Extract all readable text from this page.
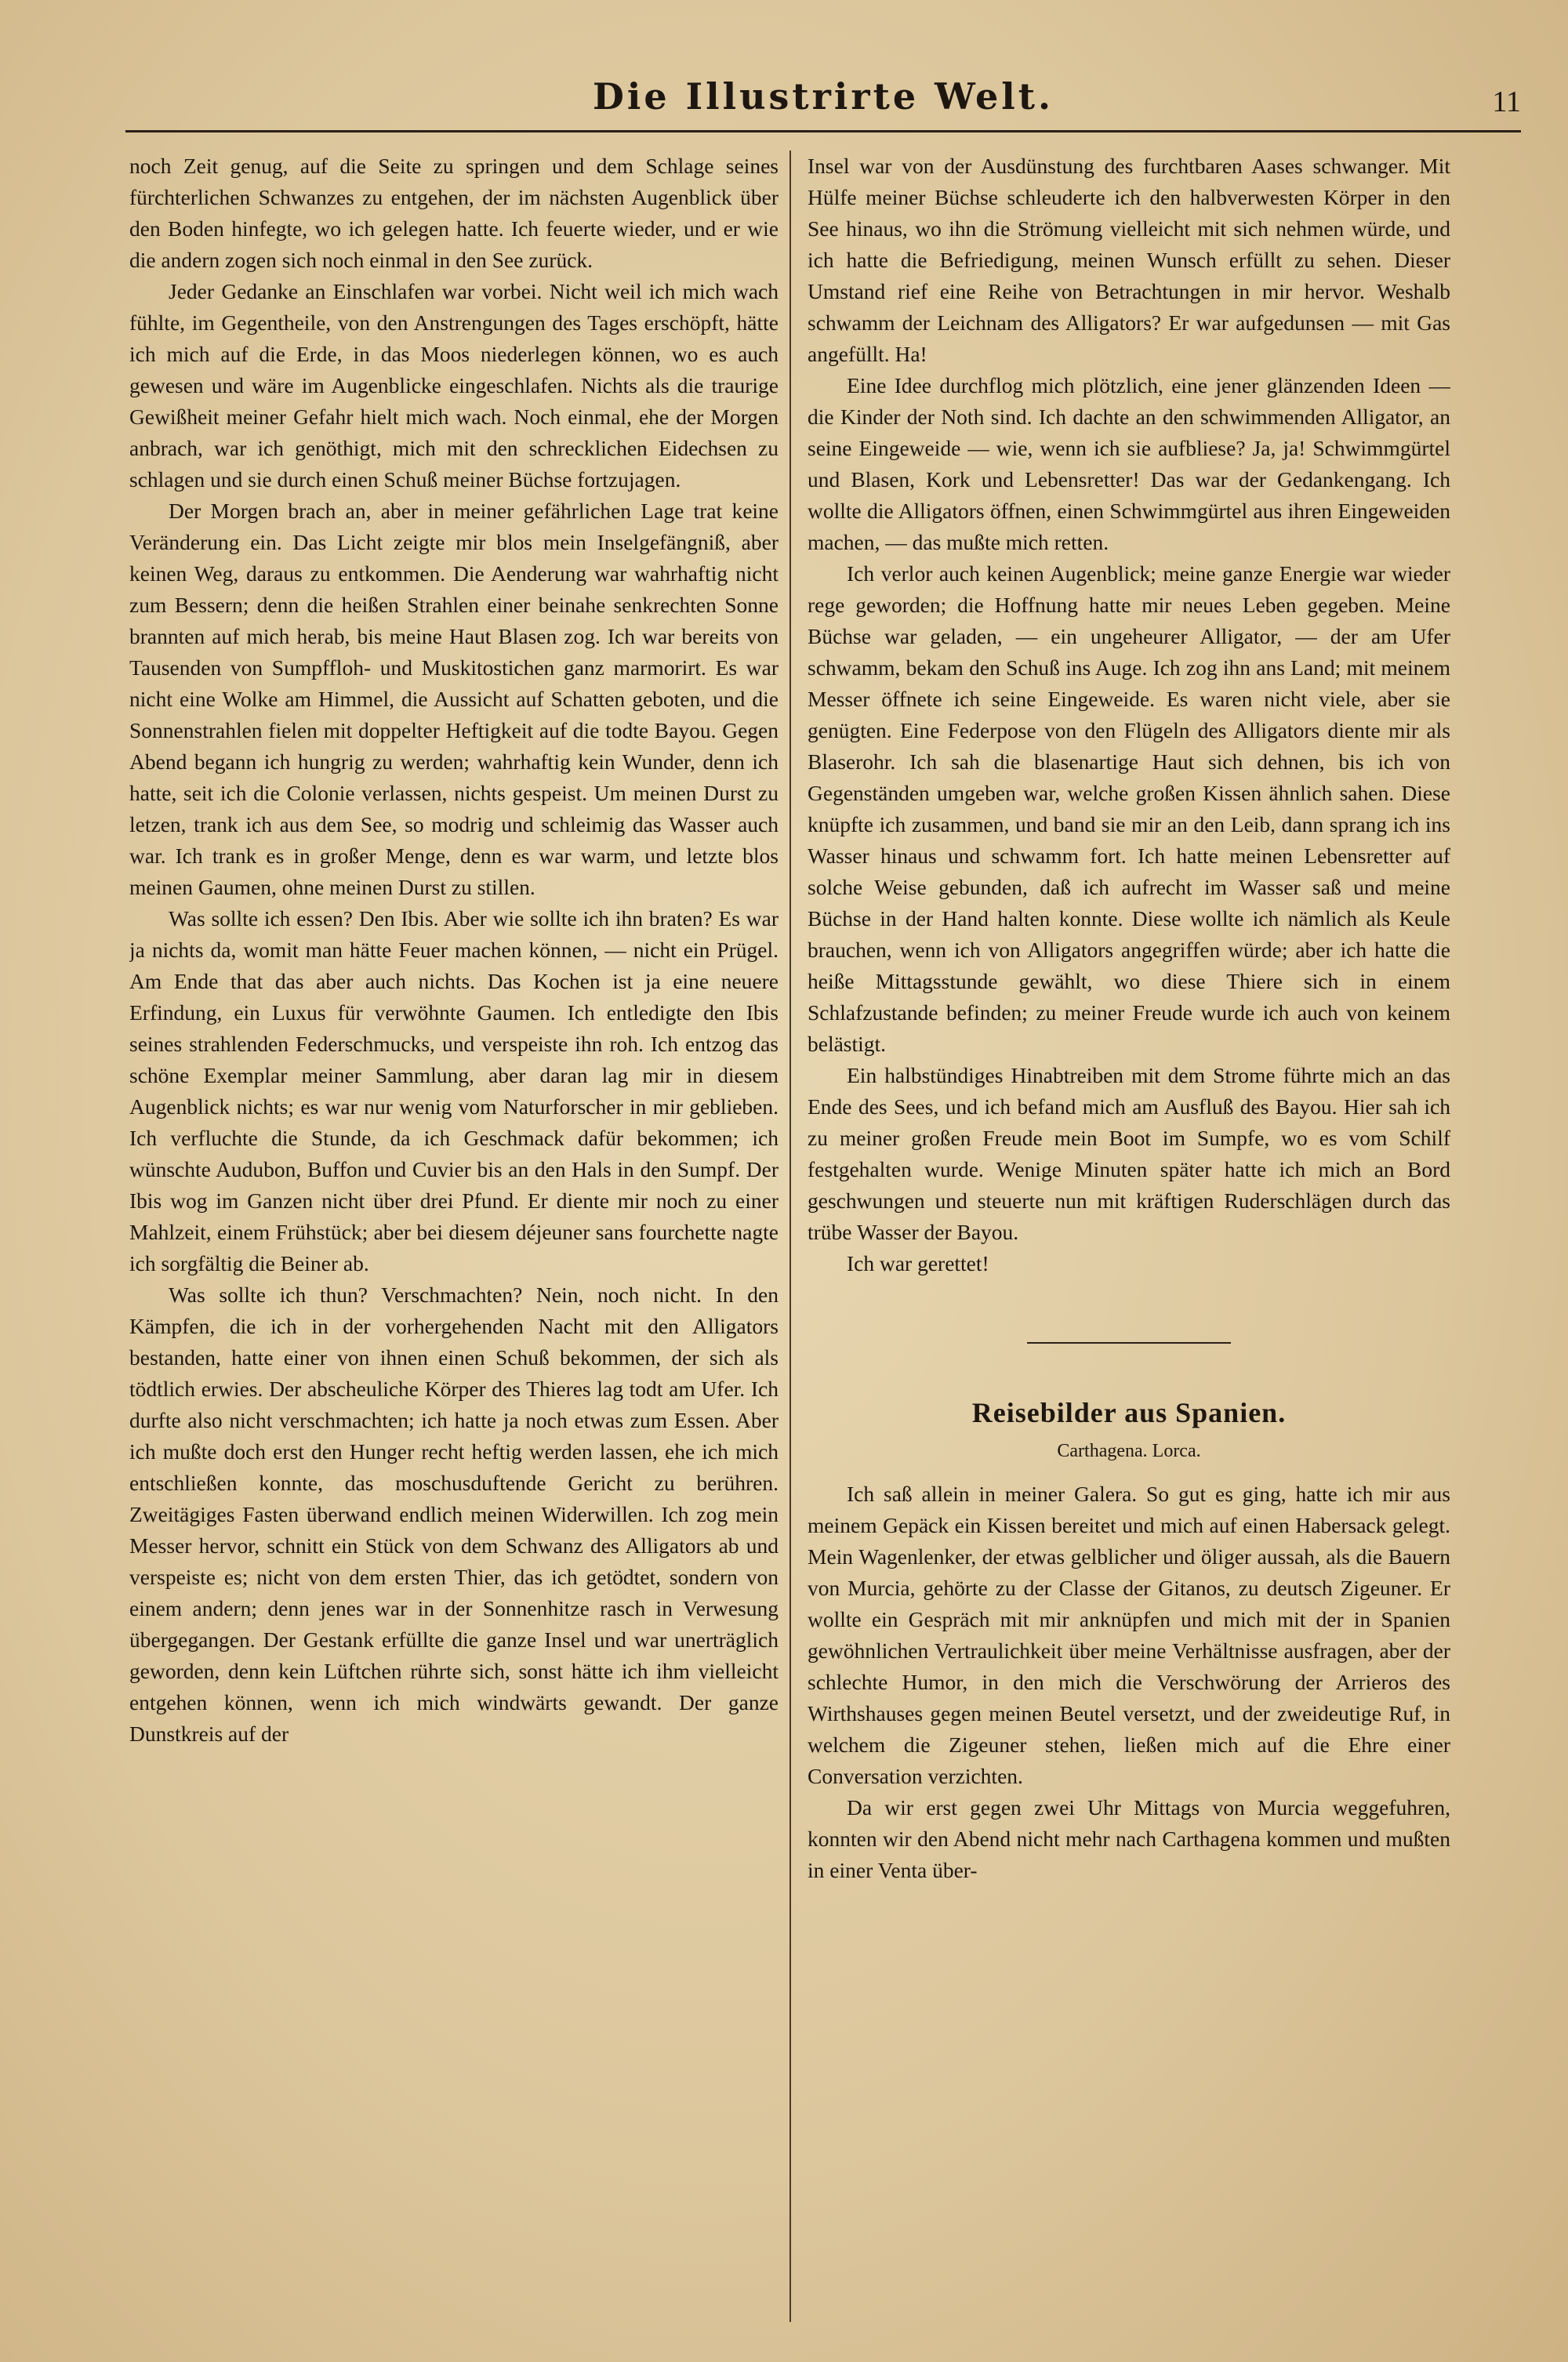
Die Illustrirte Welt.	11

noch Zeit genug, auf die Seite zu springen und dem Schlage seines fürchterlichen Schwanzes zu entgehen, der im nächsten Augenblick über den Boden hinfegte, wo ich gelegen hatte. Ich feuerte wieder, und er wie die andern zogen sich noch einmal in den See zurück.

Jeder Gedanke an Einschlafen war vorbei. Nicht weil ich mich wach fühlte, im Gegentheile, von den Anstrengungen des Tages erschöpft, hätte ich mich auf die Erde, in das Moos niederlegen können, wo es auch gewesen und wäre im Augenblicke eingeschlafen. Nichts als die traurige Gewißheit meiner Gefahr hielt mich wach. Noch einmal, ehe der Morgen anbrach, war ich genöthigt, mich mit den schrecklichen Eidechsen zu schlagen und sie durch einen Schuß meiner Büchse fortzujagen.

Der Morgen brach an, aber in meiner gefährlichen Lage trat keine Veränderung ein. Das Licht zeigte mir blos mein Inselgefängniß, aber keinen Weg, daraus zu entkommen. Die Aenderung war wahrhaftig nicht zum Bessern; denn die heißen Strahlen einer beinahe senkrechten Sonne brannten auf mich herab, bis meine Haut Blasen zog. Ich war bereits von Tausenden von Sumpffloh- und Muskitostichen ganz marmorirt. Es war nicht eine Wolke am Himmel, die Aussicht auf Schatten geboten, und die Sonnenstrahlen fielen mit doppelter Heftigkeit auf die todte Bayou. Gegen Abend begann ich hungrig zu werden; wahrhaftig kein Wunder, denn ich hatte, seit ich die Colonie verlassen, nichts gespeist. Um meinen Durst zu letzen, trank ich aus dem See, so modrig und schleimig das Wasser auch war. Ich trank es in großer Menge, denn es war warm, und letzte blos meinen Gaumen, ohne meinen Durst zu stillen.

Was sollte ich essen? Den Ibis. Aber wie sollte ich ihn braten? Es war ja nichts da, womit man hätte Feuer machen können, — nicht ein Prügel. Am Ende that das aber auch nichts. Das Kochen ist ja eine neuere Erfindung, ein Luxus für verwöhnte Gaumen. Ich entledigte den Ibis seines strahlenden Federschmucks, und verspeiste ihn roh. Ich entzog das schöne Exemplar meiner Sammlung, aber daran lag mir in diesem Augenblick nichts; es war nur wenig vom Naturforscher in mir geblieben. Ich verfluchte die Stunde, da ich Geschmack dafür bekommen; ich wünschte Audubon, Buffon und Cuvier bis an den Hals in den Sumpf. Der Ibis wog im Ganzen nicht über drei Pfund. Er diente mir noch zu einer Mahlzeit, einem Frühstück; aber bei diesem déjeuner sans fourchette nagte ich sorgfältig die Beiner ab.

Was sollte ich thun? Verschmachten? Nein, noch nicht. In den Kämpfen, die ich in der vorhergehenden Nacht mit den Alligators bestanden, hatte einer von ihnen einen Schuß bekommen, der sich als tödtlich erwies. Der abscheuliche Körper des Thieres lag todt am Ufer. Ich durfte also nicht verschmachten; ich hatte ja noch etwas zum Essen. Aber ich mußte doch erst den Hunger recht heftig werden lassen, ehe ich mich entschließen konnte, das moschusduftende Gericht zu berühren. Zweitägiges Fasten überwand endlich meinen Widerwillen. Ich zog mein Messer hervor, schnitt ein Stück von dem Schwanz des Alligators ab und verspeiste es; nicht von dem ersten Thier, das ich getödtet, sondern von einem andern; denn jenes war in der Sonnenhitze rasch in Verwesung übergegangen. Der Gestank erfüllte die ganze Insel und war unerträglich geworden, denn kein Lüftchen rührte sich, sonst hätte ich ihm vielleicht entgehen können, wenn ich mich windwärts gewandt. Der ganze Dunstkreis auf der

Insel war von der Ausdünstung des furchtbaren Aases schwanger. Mit Hülfe meiner Büchse schleuderte ich den halbverwesten Körper in den See hinaus, wo ihn die Strömung vielleicht mit sich nehmen würde, und ich hatte die Befriedigung, meinen Wunsch erfüllt zu sehen. Dieser Umstand rief eine Reihe von Betrachtungen in mir hervor. Weshalb schwamm der Leichnam des Alligators? Er war aufgedunsen — mit Gas angefüllt. Ha!

Eine Idee durchflog mich plötzlich, eine jener glänzenden Ideen — die Kinder der Noth sind. Ich dachte an den schwimmenden Alligator, an seine Eingeweide — wie, wenn ich sie aufbliese? Ja, ja! Schwimmgürtel und Blasen, Kork und Lebensretter! Das war der Gedankengang. Ich wollte die Alligators öffnen, einen Schwimmgürtel aus ihren Eingeweiden machen, — das mußte mich retten.

Ich verlor auch keinen Augenblick; meine ganze Energie war wieder rege geworden; die Hoffnung hatte mir neues Leben gegeben. Meine Büchse war geladen, — ein ungeheurer Alligator, — der am Ufer schwamm, bekam den Schuß ins Auge. Ich zog ihn ans Land; mit meinem Messer öffnete ich seine Eingeweide. Es waren nicht viele, aber sie genügten. Eine Federpose von den Flügeln des Alligators diente mir als Blaserohr. Ich sah die blasenartige Haut sich dehnen, bis ich von Gegenständen umgeben war, welche großen Kissen ähnlich sahen. Diese knüpfte ich zusammen, und band sie mir an den Leib, dann sprang ich ins Wasser hinaus und schwamm fort. Ich hatte meinen Lebensretter auf solche Weise gebunden, daß ich aufrecht im Wasser saß und meine Büchse in der Hand halten konnte. Diese wollte ich nämlich als Keule brauchen, wenn ich von Alligators angegriffen würde; aber ich hatte die heiße Mittagsstunde gewählt, wo diese Thiere sich in einem Schlafzustande befinden; zu meiner Freude wurde ich auch von keinem belästigt.

Ein halbstündiges Hinabtreiben mit dem Strome führte mich an das Ende des Sees, und ich befand mich am Ausfluß des Bayou. Hier sah ich zu meiner großen Freude mein Boot im Sumpfe, wo es vom Schilf festgehalten wurde. Wenige Minuten später hatte ich mich an Bord geschwungen und steuerte nun mit kräftigen Ruderschlägen durch das trübe Wasser der Bayou.

Ich war gerettet!

Reisebilder aus Spanien.

Carthagena. Lorca.

Ich saß allein in meiner Galera. So gut es ging, hatte ich mir aus meinem Gepäck ein Kissen bereitet und mich auf einen Habersack gelegt. Mein Wagenlenker, der etwas gelblicher und öliger aussah, als die Bauern von Murcia, gehörte zu der Classe der Gitanos, zu deutsch Zigeuner. Er wollte ein Gespräch mit mir anknüpfen und mich mit der in Spanien gewöhnlichen Vertraulichkeit über meine Verhältnisse ausfragen, aber der schlechte Humor, in den mich die Verschwörung der Arrieros des Wirthshauses gegen meinen Beutel versetzt, und der zweideutige Ruf, in welchem die Zigeuner stehen, ließen mich auf die Ehre einer Conversation verzichten.

Da wir erst gegen zwei Uhr Mittags von Murcia weggefuhren, konnten wir den Abend nicht mehr nach Carthagena kommen und mußten in einer Venta über-
